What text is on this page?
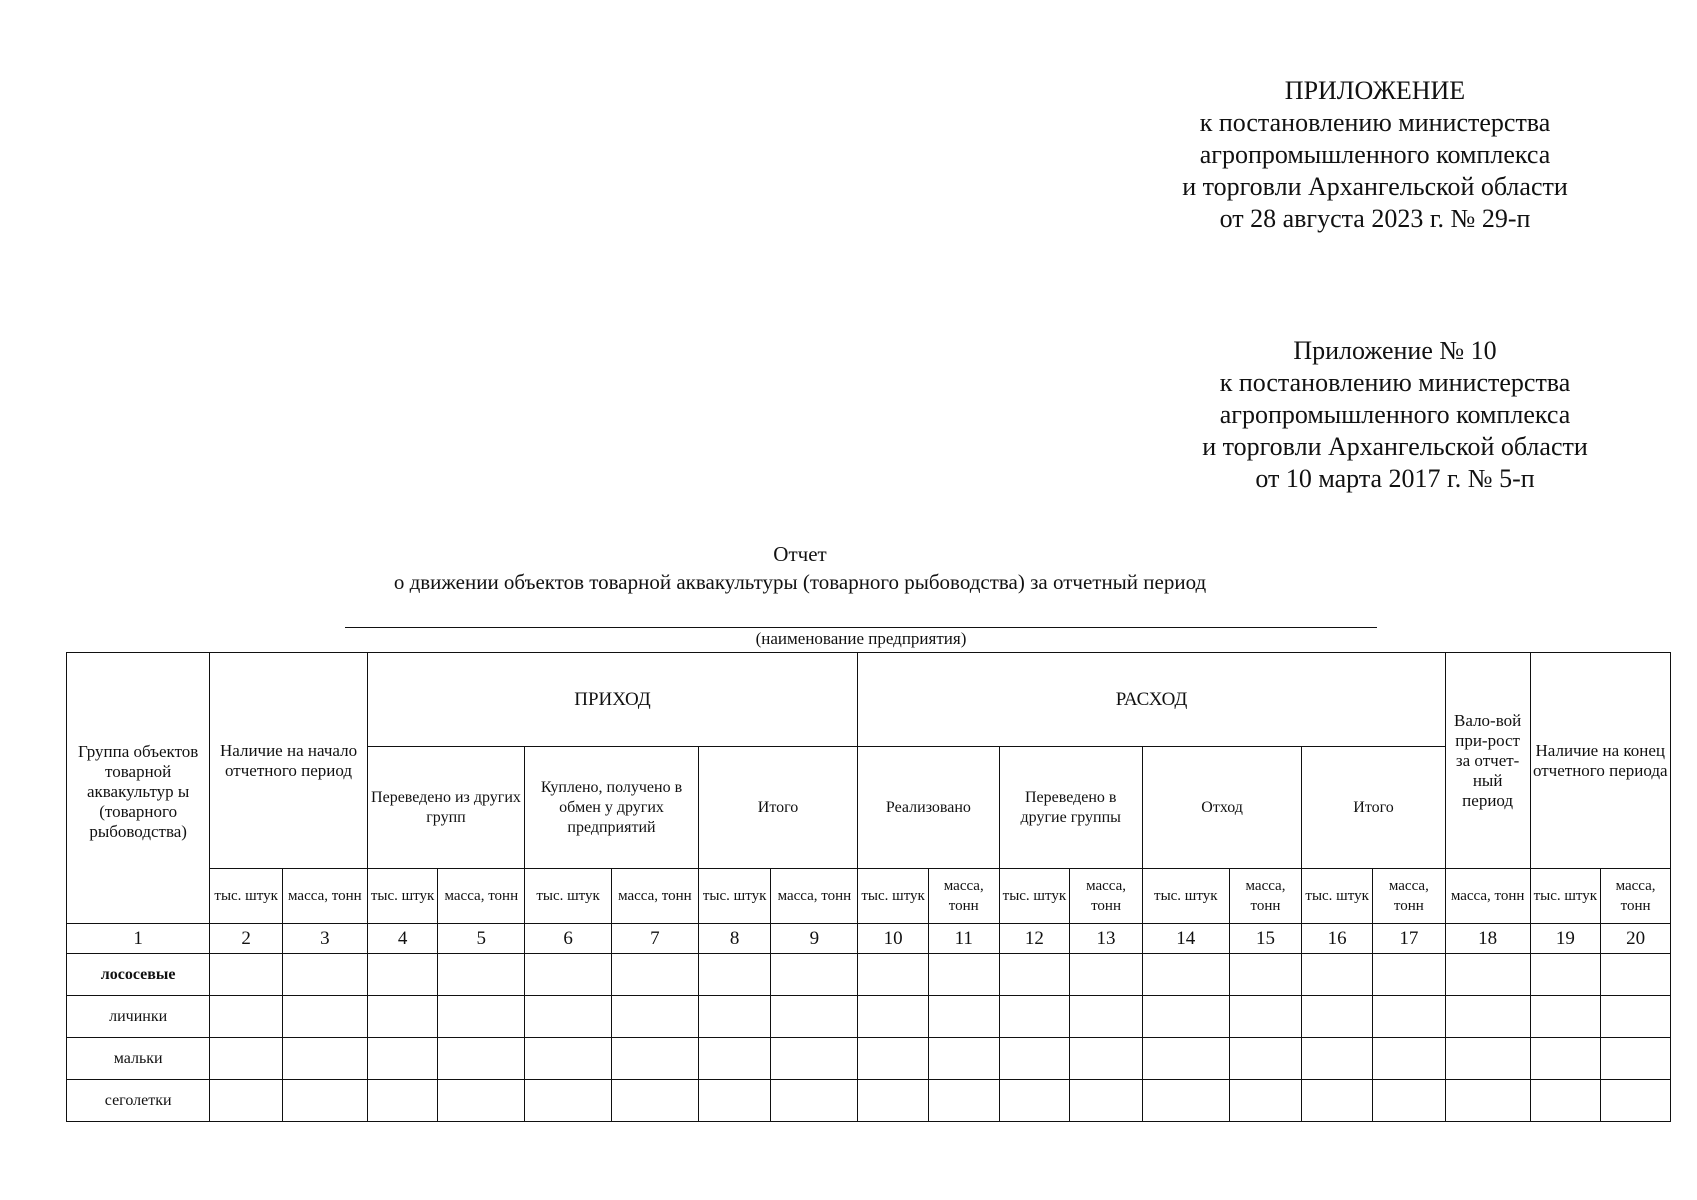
ПРИЛОЖЕНИЕ
к постановлению министерства
агропромышленного комплекса
и торговли Архангельской области
от 28 августа 2023 г. № 29-п
Приложение № 10
к постановлению министерства
агропромышленного комплекса
и торговли Архангельской области
от 10 марта 2017 г. № 5-п
Отчет
о движении объектов товарной аквакультуры (товарного рыбоводства) за отчетный период
(наименование предприятия)
Группа объектов товарной аквакультур ы (товарного рыбоводства)	Наличие на начало отчетного период		ПРИХОД						РАСХОД								Вало-вой при-рост за отчет-ный период	Наличие на конец отчетного периода	
			Переведено из других групп		Куплено, получено в обмен у других предприятий		Итого		Реализовано		Переведено в другие группы		Отход		Итого				
	тыс. штук	масса, тонн	тыс. штук	масса, тонн	тыс. штук	масса, тонн	тыс. штук	масса, тонн	тыс. штук	масса, тонн	тыс. штук	масса, тонн	тыс. штук	масса, тонн	тыс. штук	масса, тонн	масса, тонн	тыс. штук	масса, тонн
1	2	3	4	5	6	7	8	9	10	11	12	13	14	15	16	17	18	19	20
лососевые																			
личинки																			
мальки																			
сеголетки																			
